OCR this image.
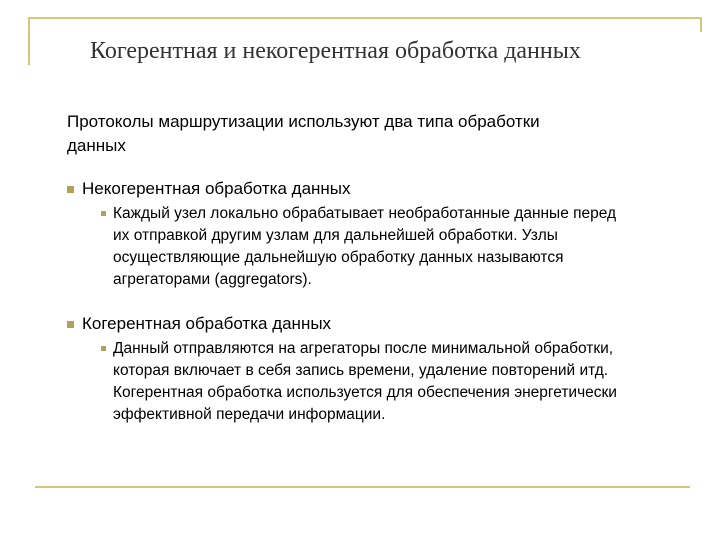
Когерентная и некогерентная обработка данных
Протоколы маршрутизации используют два типа обработки данных
Некогерентная обработка данных
Каждый узел локально обрабатывает необработанные данные перед их отправкой другим узлам для дальнейшей обработки. Узлы осуществляющие дальнейшую обработку данных называются агрегаторами (aggregators).
Когерентная обработка данных
Данный отправляются на агрегаторы после минимальной обработки, которая включает в себя запись времени, удаление повторений итд. Когерентная обработка используется для обеспечения энергетически эффективной передачи информации.
